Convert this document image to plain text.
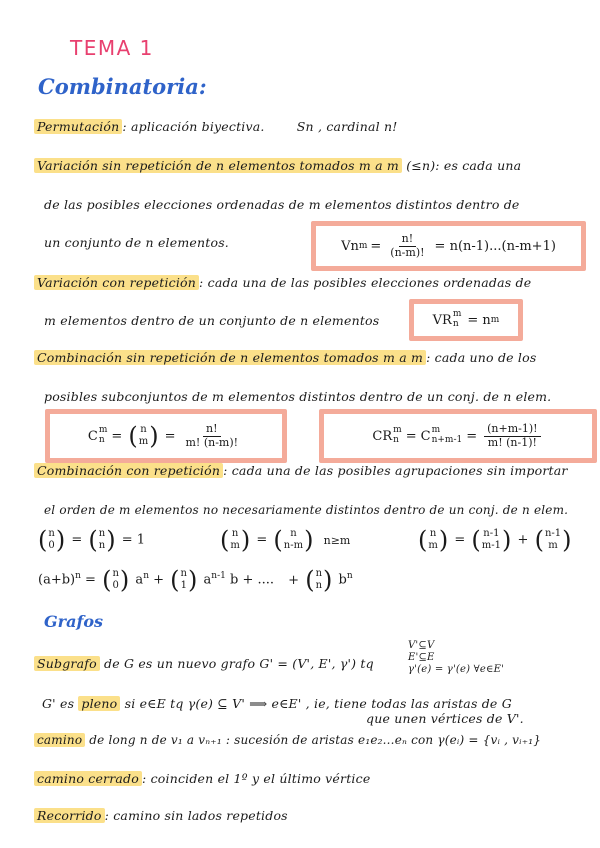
TEMA 1
Combinatoria:
Permutación : aplicación biyectiva.	Sn , cardinal n!
Variación sin repetición de n elementos tomados m a m (≤n): es cada una
de las posibles elecciones ordenadas de m elementos distintos dentro de
un conjunto de n elementos.	Vn $m = \frac{n!}{(n-m)!} = n(n-1)...(n-m+1)$
Variación con repetición : cada una de las posibles elecciones ordenadas de
m elementos dentro de un conjunto de n elementos	VR m
n = n m
Combinación sin repetición de n elementos tomados m a m : cada uno de los
posibles subconjuntos de m elementos distintos dentro de un conj. de n elem.
C m
n = ( n
m ) = $\frac{n!}{m! (n-m)!}$	CR m
n = C m
$n+m-1 = \frac{(n+m-1)!}{m! (n-1)!}$
Combinación con repetición : cada una de las posibles agrupaciones sin importar
el orden de m elementos no necesariamente distintos dentro de un conj. de n elem.
( n
0 ) = ( n
n ) = 1	( n
m ) = ( n
n-m ) n≥m	( n
m ) = ( n-1
m-1 ) + ( n-1
m )
$(a+b)^n$ = ( n
0 ) $a^n$ + ( n
1 ) $a^{n-1}$ b + .... + ( n
n ) $b^n$
Grafos
Subgrafo de G es un nuevo grafo G' = (V', E', γ') tq
V'⊆V
E'⊆E
γ'(e) = γ'(e) ∀e∈E'
G' es pleno si e∈E tq γ(e) ⊆ V' ⟹ e∈E' , ie, tiene todas las aristas de G
que unen vértices de V'.
camino de long n de v₁ a vₙ₊₁ : sucesión de aristas e₁e₂...eₙ con γ(eᵢ) = {vᵢ , vᵢ₊₁}
camino cerrado : coinciden el 1º y el último vértice
Recorrido : camino sin lados repetidos
